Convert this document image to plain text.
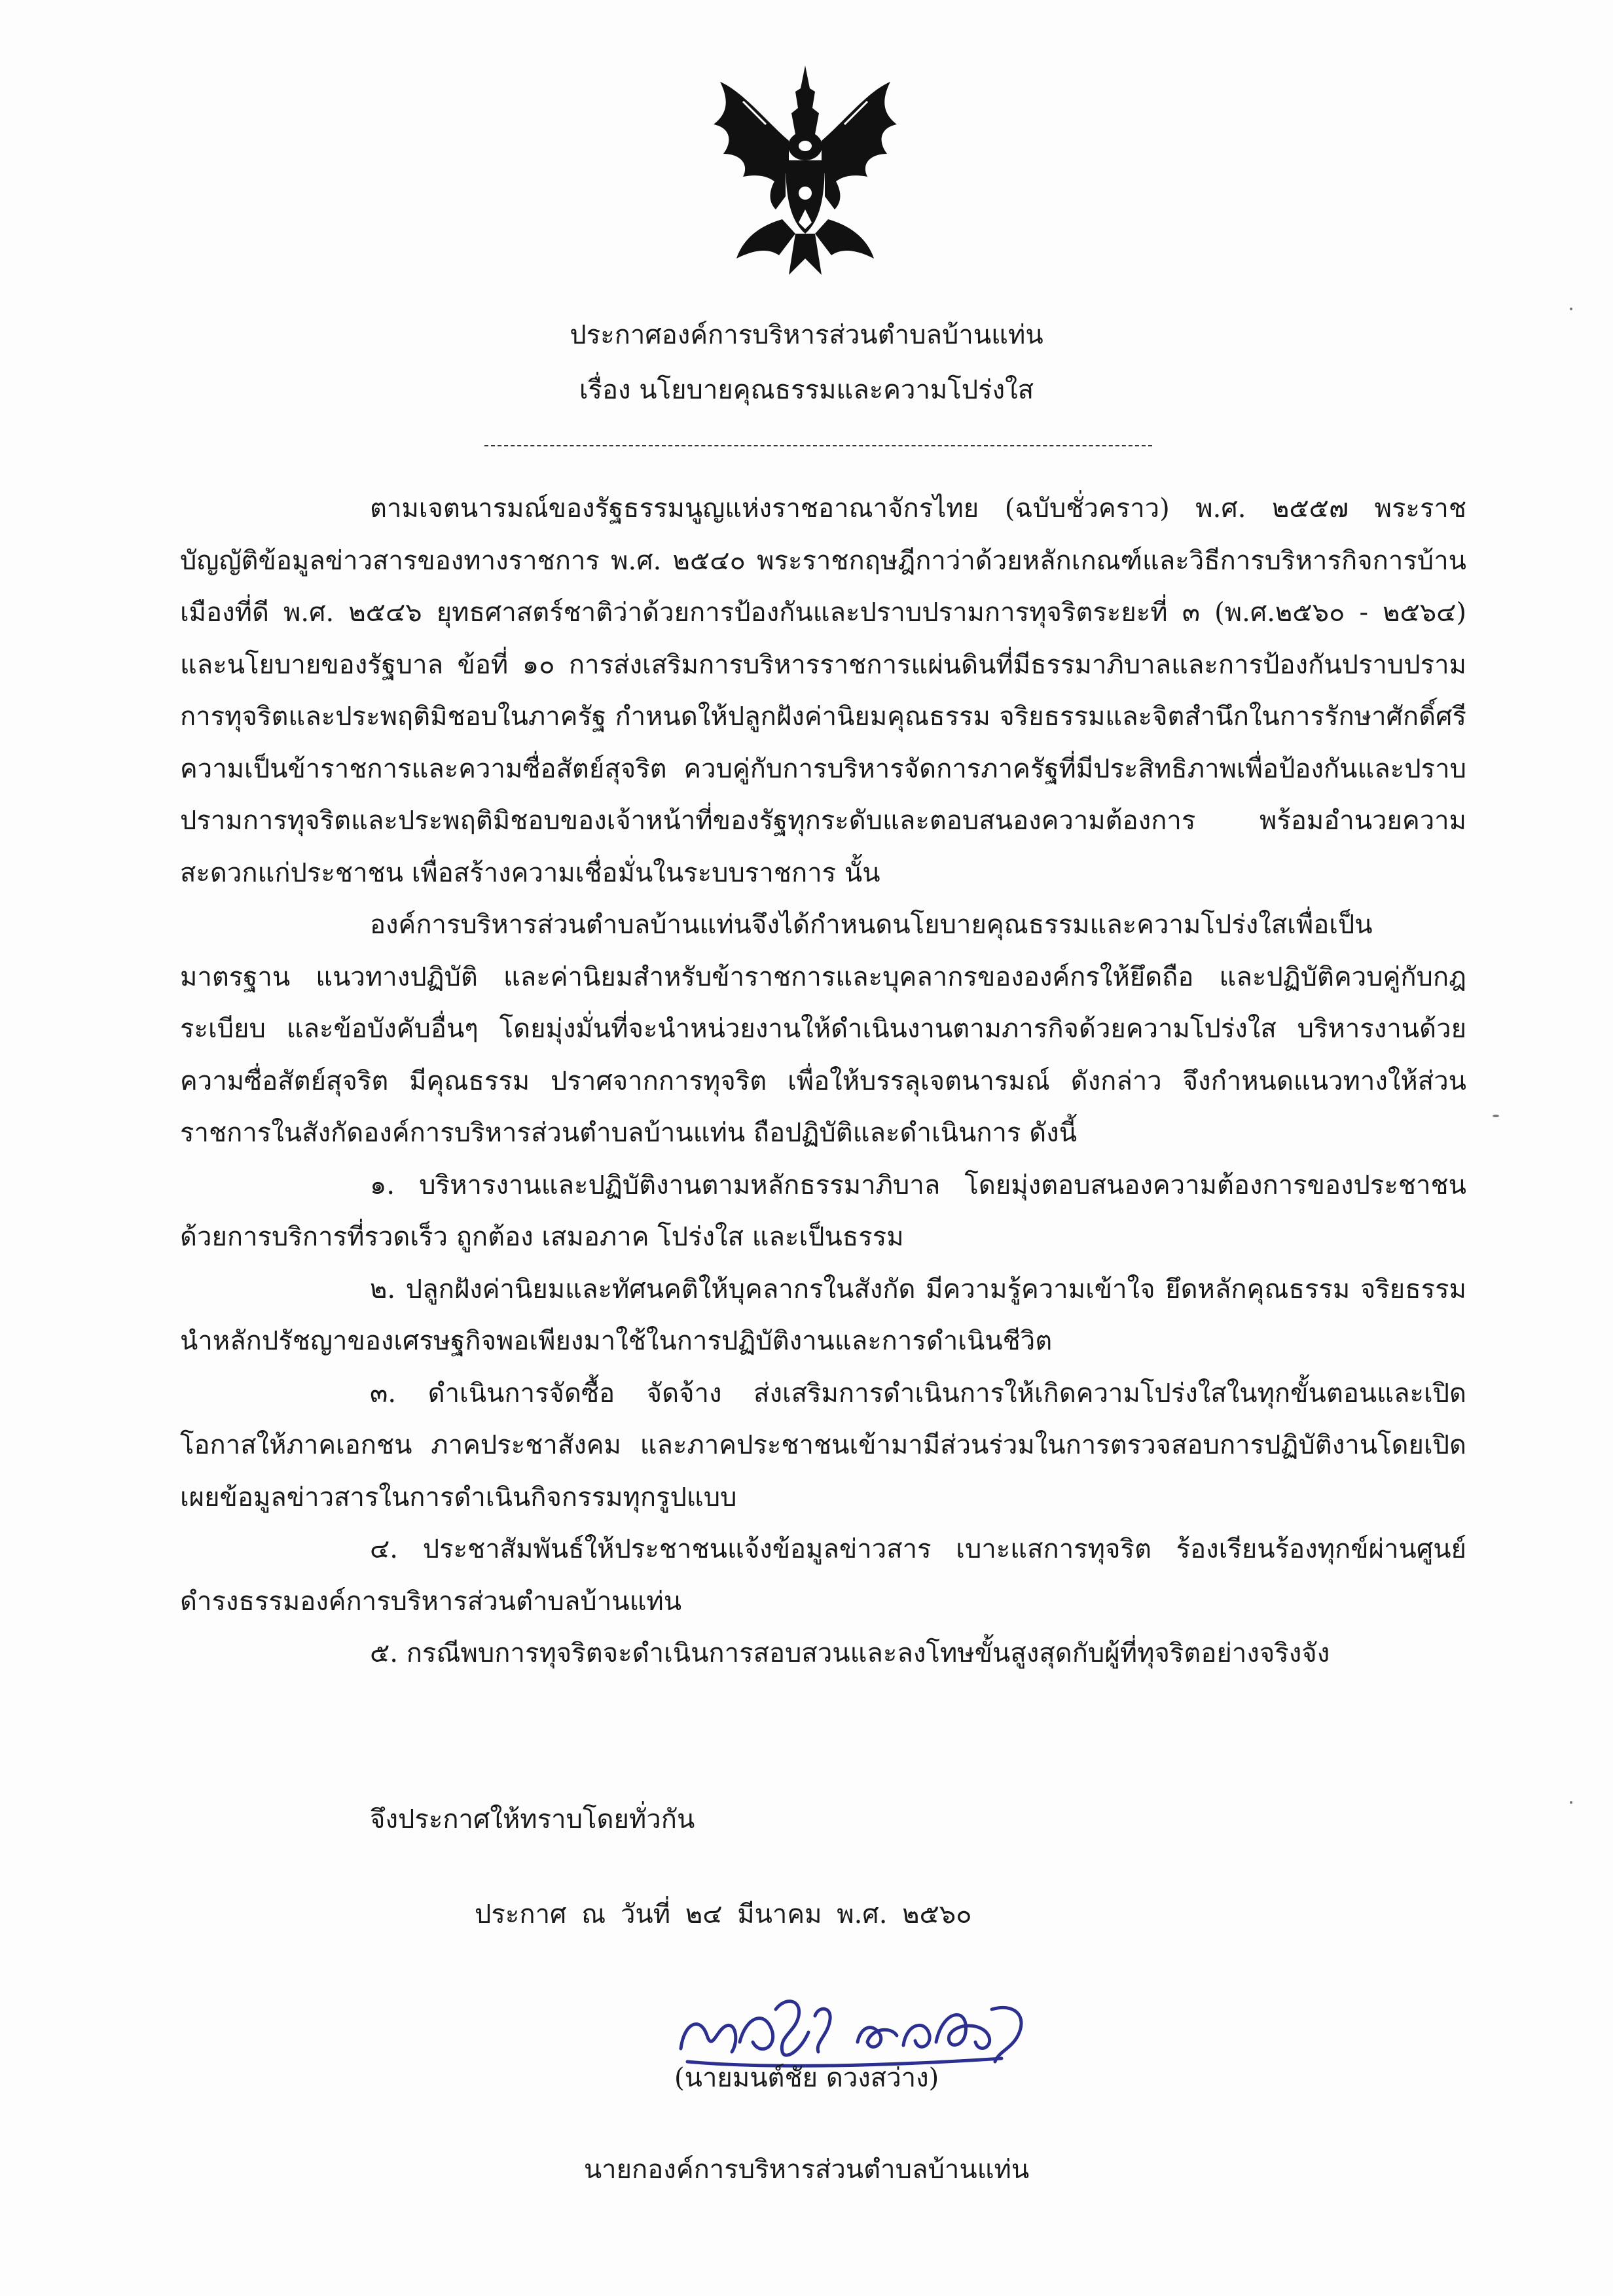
ประกาศองค์การบริหารส่วนตำบลบ้านแท่น
เรื่อง นโยบายคุณธรรมและความโปร่งใส

ตามเจตนารมณ์ของรัฐธรรมนูญแห่งราชอาณาจักรไทย (ฉบับชั่วคราว) พ.ศ. ๒๕๕๗ พระราชบัญญัติข้อมูลข่าวสารของทางราชการ พ.ศ. ๒๕๔๐ พระราชกฤษฎีกาว่าด้วยหลักเกณฑ์และวิธีการบริหารกิจการบ้านเมืองที่ดี พ.ศ. ๒๕๔๖ ยุทธศาสตร์ชาติว่าด้วยการป้องกันและปราบปรามการทุจริตระยะที่ ๓ (พ.ศ.๒๕๖๐ - ๒๕๖๔) และนโยบายของรัฐบาล ข้อที่ ๑๐ การส่งเสริมการบริหารราชการแผ่นดินที่มีธรรมาภิบาลและการป้องกันปราบปรามการทุจริตและประพฤติมิชอบในภาครัฐ กำหนดให้ปลูกฝังค่านิยมคุณธรรม จริยธรรมและจิตสำนึกในการรักษาศักดิ์ศรีความเป็นข้าราชการและความซื่อสัตย์สุจริต ควบคู่กับการบริหารจัดการภาครัฐที่มีประสิทธิภาพเพื่อป้องกันและปราบปรามการทุจริตและประพฤติมิชอบของเจ้าหน้าที่ของรัฐทุกระดับและตอบสนองความต้องการ พร้อมอำนวยความสะดวกแก่ประชาชน เพื่อสร้างความเชื่อมั่นในระบบราชการ นั้น

องค์การบริหารส่วนตำบลบ้านแท่นจึงได้กำหนดนโยบายคุณธรรมและความโปร่งใสเพื่อเป็นมาตรฐาน แนวทางปฏิบัติ และค่านิยมสำหรับข้าราชการและบุคลากรขององค์กรให้ยึดถือ และปฏิบัติควบคู่กับกฎ ระเบียบ และข้อบังคับอื่นๆ โดยมุ่งมั่นที่จะนำหน่วยงานให้ดำเนินงานตามภารกิจด้วยความโปร่งใส บริหารงานด้วยความซื่อสัตย์สุจริต มีคุณธรรม ปราศจากการทุจริต เพื่อให้บรรลุเจตนารมณ์ ดังกล่าว จึงกำหนดแนวทางให้ส่วนราชการในสังกัดองค์การบริหารส่วนตำบลบ้านแท่น ถือปฏิบัติและดำเนินการ ดังนี้

๑. บริหารงานและปฏิบัติงานตามหลักธรรมาภิบาล โดยมุ่งตอบสนองความต้องการของประชาชนด้วยการบริการที่รวดเร็ว ถูกต้อง เสมอภาค โปร่งใส และเป็นธรรม

๒. ปลูกฝังค่านิยมและทัศนคติให้บุคลากรในสังกัด มีความรู้ความเข้าใจ ยึดหลักคุณธรรม จริยธรรม นำหลักปรัชญาของเศรษฐกิจพอเพียงมาใช้ในการปฏิบัติงานและการดำเนินชีวิต

๓. ดำเนินการจัดซื้อ จัดจ้าง ส่งเสริมการดำเนินการให้เกิดความโปร่งใสในทุกขั้นตอนและเปิดโอกาสให้ภาคเอกชน ภาคประชาสังคม และภาคประชาชนเข้ามามีส่วนร่วมในการตรวจสอบการปฏิบัติงานโดยเปิดเผยข้อมูลข่าวสารในการดำเนินกิจกรรมทุกรูปแบบ

๔. ประชาสัมพันธ์ให้ประชาชนแจ้งข้อมูลข่าวสาร เบาะแสการทุจริต ร้องเรียนร้องทุกข์ผ่านศูนย์ดำรงธรรมองค์การบริหารส่วนตำบลบ้านแท่น

๕. กรณีพบการทุจริตจะดำเนินการสอบสวนและลงโทษขั้นสูงสุดกับผู้ที่ทุจริตอย่างจริงจัง

จึงประกาศให้ทราบโดยทั่วกัน
ประกาศ ณ วันที่ ๒๔ มีนาคม พ.ศ. ๒๕๖๐
(นายมนต์ชัย ดวงสว่าง)
นายกองค์การบริหารส่วนตำบลบ้านแท่น
